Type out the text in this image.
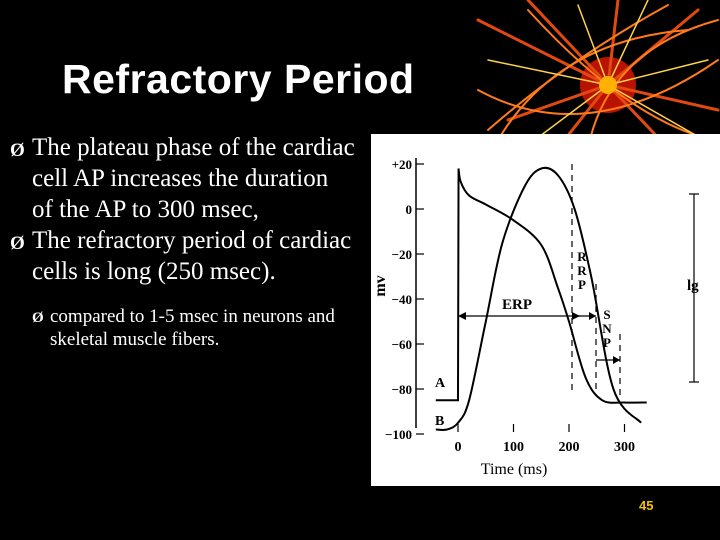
Refractory Period
Ø The plateau phase of the cardiac cell AP increases the duration of the AP to 300 msec,
Ø The refractory period of cardiac cells is long (250 msec).
Ø compared to 1-5 msec in neurons and skeletal muscle fibers.
+20
0
−20
−40
−60
−80
−100
0	100 200 300
mv
Time (ms)
ERP
R
R
P
S
N
P
A
B
lg
45
